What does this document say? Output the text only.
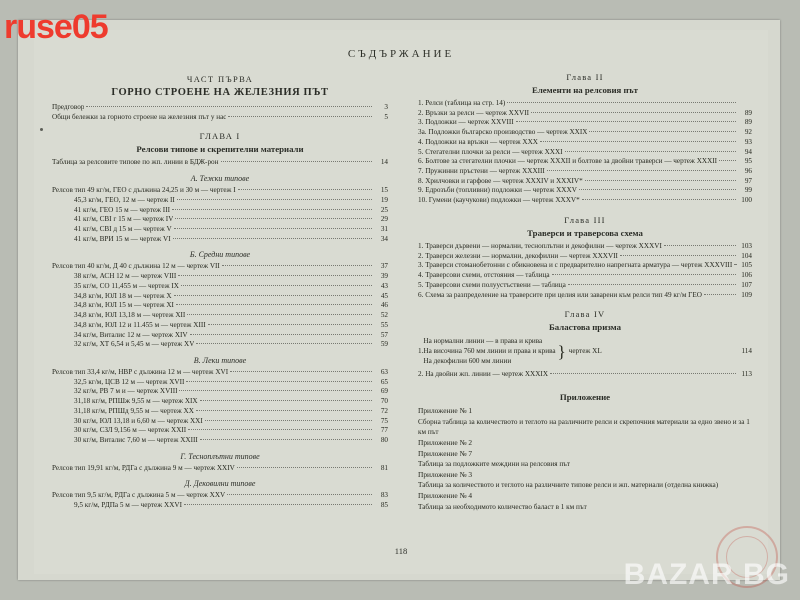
ruse05
СЪДЪРЖАНИЕ
ЧАСТ ПЪРВА
ГОРНО СТРОЕНЕ НА ЖЕЛЕЗНИЯ ПЪТ
Предговор	3
Общи бележки за горното строене на железния път у нас	5
ГЛАВА I
Релсови типове и скрепителни материали
Таблица за релсовите типове по жп. линии в БДЖ-рон	14
А. Тежки типове
Релсов тип 49 кг/м, ГЕО с дължина 24,25 и 30 м — чертеж I	15
45,3 кг/м, ГЕО, 12 м — чертеж II	19
41 кг/м, ГЕО 15 м — чертеж III	25
41 кг/м, СВІ г 15 м — чертеж IV	29
41 кг/м, СВІ д 15 м — чертеж V	31
41 кг/м, ВРИ 15 м — чертеж VI	34
Б. Средни типове
Релсов тип 40 кг/м, Д 40 с дължина 12 м — чертеж VII	37
38 кг/м, АСН 12 м — чертеж VIII	39
35 кг/м, СО 11,455 м — чертеж IX	43
34,8 кг/м, ЮЛ 18 м — чертеж X	45
34,8 кг/м, ЮЛ 15 м — чертеж XI	46
34,8 кг/м, ЮЛ 13,18 м — чертеж XII	52
34,8 кг/м, ЮЛ 12 и 11.455 м — чертеж XIII	55
34 кг/м, Виталис 12 м — чертеж XIV	57
32 кг/м, ХТ 6,54 и 5,45 м — чертеж XV	59
В. Леки типове
Релсов тип 33,4 кг/м, НВР с дължина 12 м — чертеж XVI	63
32,5 кг/м, ЦСВ 12 м — чертеж XVII	65
32 кг/м, РВ 7 м и — чертеж XVIII	69
31,18 кг/м, РПШж 9,55 м — чертеж XIX	70
31,18 кг/м, РПШд 9,55 м — чертеж XX	72
30 кг/м, ЮЛ 13,18 и 6,60 м — чертеж XXI	75
30 кг/м, СЗЛ 9,156 м — чертеж XXII	77
30 кг/м, Виталис 7,60 м — чертеж XXIII	80
Г. Тесноплътни типове
Релсов тип 19,91 кг/м, РДГа с дължина 9 м — чертеж XXIV	81
Д. Дековилни типове
Релсов тип 9,5 кг/м, РДГа с дължина 5 м — чертеж XXV	83
9,5 кг/м, РДПа 5 м — чертеж XXVI	85
Глава II
Елементи на релсовия път
1. Релси (таблица на стр. 14)
2. Връзки за релси — чертеж XXVII	89
3. Подложки — чертеж XXVIII	89
3а. Подложки българско производство — чертеж XXIX	92
4. Подложки на връзки — чертеж XXX	93
5. Стегателни плочки за релси — чертеж XXXI	94
6. Болтове за стегателни плочки — чертеж XXXII и болтове за двойни траверси — чертеж XXXII	95
7. Пружинни пръстени — чертеж XXXIII	96
8. Хрилчовки и гарфове — чертеж XXXIV и XXXIV*	97
9. Едрозъби (топливни) подложки — чертеж XXXV	99
10. Гумени (каучукови) подложки — чертеж XXXV*	100
Глава III
Траверси и траверсова схема
1. Траверси дървени — нормални, тесноплътни и декофилни — чертеж XXXVI	103
2. Траверси железни — нормални, декофилни — чертеж XXXVII	104
3. Траверси стоманобетонни с обикновена и с предварително напрегната арматура — чертеж XXXVIII	105
4. Траверсови схеми, отстояния — таблица	106
5. Траверсови схеми полуустъствени — таблица	107
6. Схема за разпределение на траверсите при целия или заварени към релси тип 49 кг/м ГЕО	109
Глава IV
Баластова призма
1.
На нормални линии — в права и крива
На височина 760 мм линии и права и крива
На декофилни 600 мм линии
} чертеж XL	114
2. На двойни жп. линии — чертеж XXXIX	113
Приложение
Приложение № 1
Сборна таблица за количеството и теглото на различните релси и скрепочния материали за едно звено и за 1 км път
Приложение № 2
Приложение № 7
Таблица за подложките междини на релсовия път
Приложение № 3
Таблица за количеството и теглото на различните типове релси и жп. материали (отделна книжка)
Приложение № 4
Таблица за необходимото количество баласт в 1 км път
118
BAZAR.BG
